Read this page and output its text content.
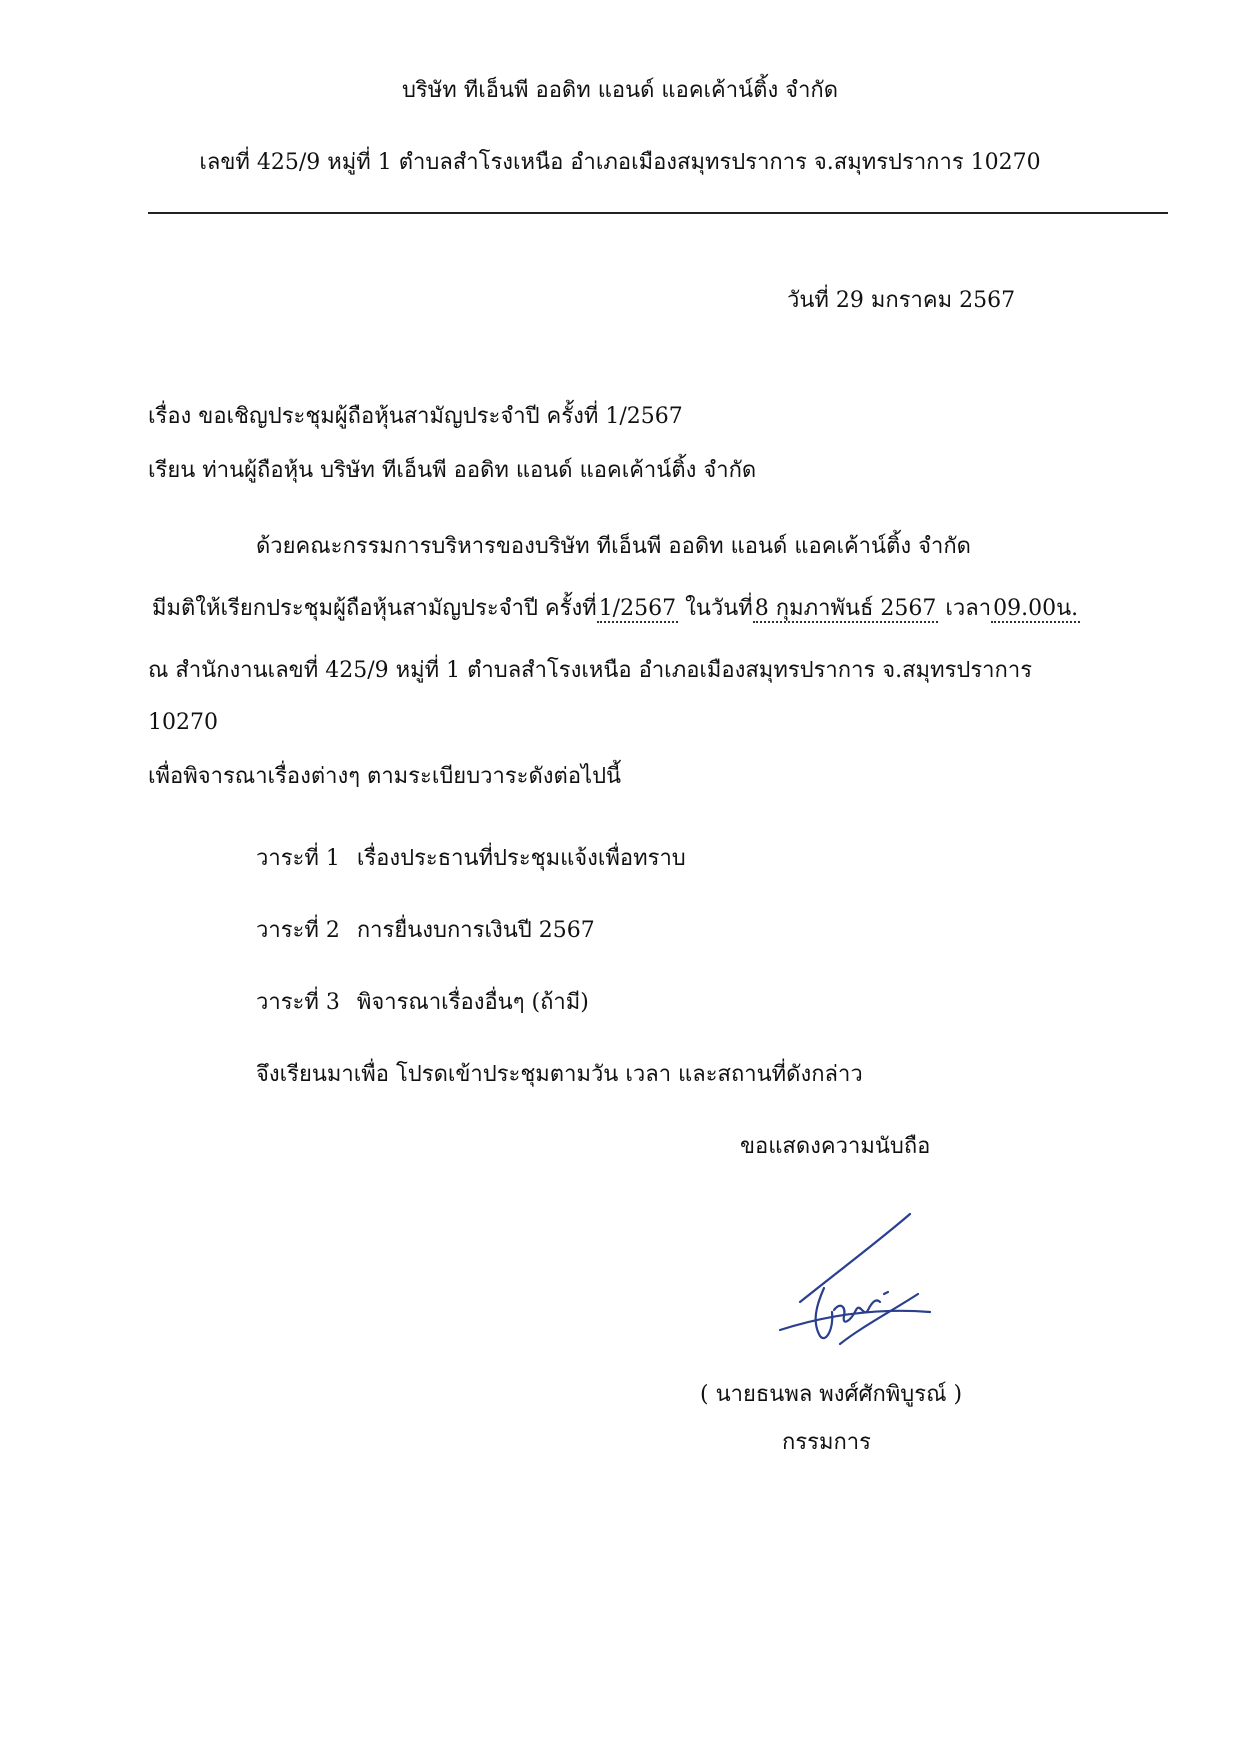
บริษัท ทีเอ็นพี ออดิท แอนด์ แอคเค้าน์ติ้ง จำกัด
เลขที่ 425/9 หมู่ที่ 1 ตำบลสำโรงเหนือ อำเภอเมืองสมุทรปราการ จ.สมุทรปราการ 10270
วันที่ 29 มกราคม 2567
เรื่อง ขอเชิญประชุมผู้ถือหุ้นสามัญประจำปี ครั้งที่ 1/2567
เรียน ท่านผู้ถือหุ้น บริษัท ทีเอ็นพี ออดิท แอนด์ แอคเค้าน์ติ้ง จำกัด
ด้วยคณะกรรมการบริหารของบริษัท ทีเอ็นพี ออดิท แอนด์ แอคเค้าน์ติ้ง จำกัด
มีมติให้เรียกประชุมผู้ถือหุ้นสามัญประจำปี ครั้งที่1/2567 ในวันที่8 กุมภาพันธ์ 2567 เวลา09.00น.
ณ สำนักงานเลขที่ 425/9 หมู่ที่ 1 ตำบลสำโรงเหนือ อำเภอเมืองสมุทรปราการ จ.สมุทรปราการ
10270
เพื่อพิจารณาเรื่องต่างๆ ตามระเบียบวาระดังต่อไปนี้
วาระที่ 1 เรื่องประธานที่ประชุมแจ้งเพื่อทราบ
วาระที่ 2 การยื่นงบการเงินปี 2567
วาระที่ 3 พิจารณาเรื่องอื่นๆ (ถ้ามี)
จึงเรียนมาเพื่อ โปรดเข้าประชุมตามวัน เวลา และสถานที่ดังกล่าว
ขอแสดงความนับถือ
( นายธนพล พงศ์ศักพิบูรณ์ )
กรรมการ
